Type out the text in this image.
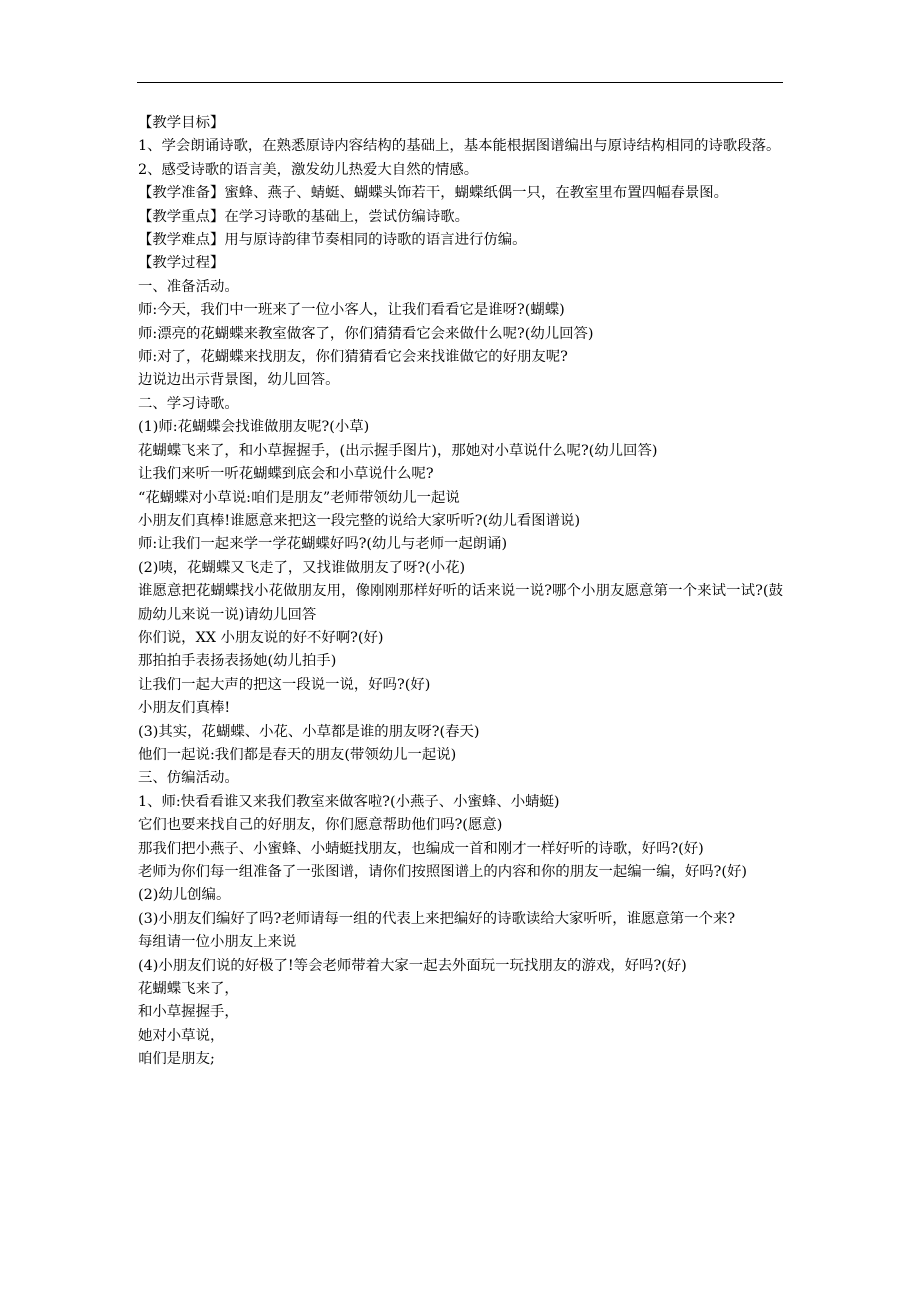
【教学目标】
1、学会朗诵诗歌，在熟悉原诗内容结构的基础上，基本能根据图谱编出与原诗结构相同的诗歌段落。
2、感受诗歌的语言美，激发幼儿热爱大自然的情感。
【教学准备】蜜蜂、燕子、蜻蜓、蝴蝶头饰若干，蝴蝶纸偶一只，在教室里布置四幅春景图。
【教学重点】在学习诗歌的基础上，尝试仿编诗歌。
【教学难点】用与原诗韵律节奏相同的诗歌的语言进行仿编。
【教学过程】
一、准备活动。
师:今天，我们中一班来了一位小客人，让我们看看它是谁呀?(蝴蝶)
师:漂亮的花蝴蝶来教室做客了，你们猜猜看它会来做什么呢?(幼儿回答)
师:对了，花蝴蝶来找朋友，你们猜猜看它会来找谁做它的好朋友呢?
边说边出示背景图，幼儿回答。
二、学习诗歌。
(1)师:花蝴蝶会找谁做朋友呢?(小草)
花蝴蝶飞来了，和小草握握手，(出示握手图片)，那她对小草说什么呢?(幼儿回答)
让我们来听一听花蝴蝶到底会和小草说什么呢?
“花蝴蝶对小草说:咱们是朋友”老师带领幼儿一起说
小朋友们真棒!谁愿意来把这一段完整的说给大家听听?(幼儿看图谱说)
师:让我们一起来学一学花蝴蝶好吗?(幼儿与老师一起朗诵)
(2)咦，花蝴蝶又飞走了，又找谁做朋友了呀?(小花)
谁愿意把花蝴蝶找小花做朋友用，像刚刚那样好听的话来说一说?哪个小朋友愿意第一个来试一试?(鼓励幼儿来说一说)请幼儿回答
你们说，XX 小朋友说的好不好啊?(好)
那拍拍手表扬表扬她(幼儿拍手)
让我们一起大声的把这一段说一说，好吗?(好)
小朋友们真棒!
(3)其实，花蝴蝶、小花、小草都是谁的朋友呀?(春天)
他们一起说:我们都是春天的朋友(带领幼儿一起说)
三、仿编活动。
1、师:快看看谁又来我们教室来做客啦?(小燕子、小蜜蜂、小蜻蜓)
它们也要来找自己的好朋友，你们愿意帮助他们吗?(愿意)
那我们把小燕子、小蜜蜂、小蜻蜓找朋友，也编成一首和刚才一样好听的诗歌，好吗?(好)
老师为你们每一组准备了一张图谱，请你们按照图谱上的内容和你的朋友一起编一编，好吗?(好)
(2)幼儿创编。
(3)小朋友们编好了吗?老师请每一组的代表上来把编好的诗歌读给大家听听，谁愿意第一个来?
每组请一位小朋友上来说
(4)小朋友们说的好极了!等会老师带着大家一起去外面玩一玩找朋友的游戏，好吗?(好)
花蝴蝶飞来了，
和小草握握手，
她对小草说，
咱们是朋友;
